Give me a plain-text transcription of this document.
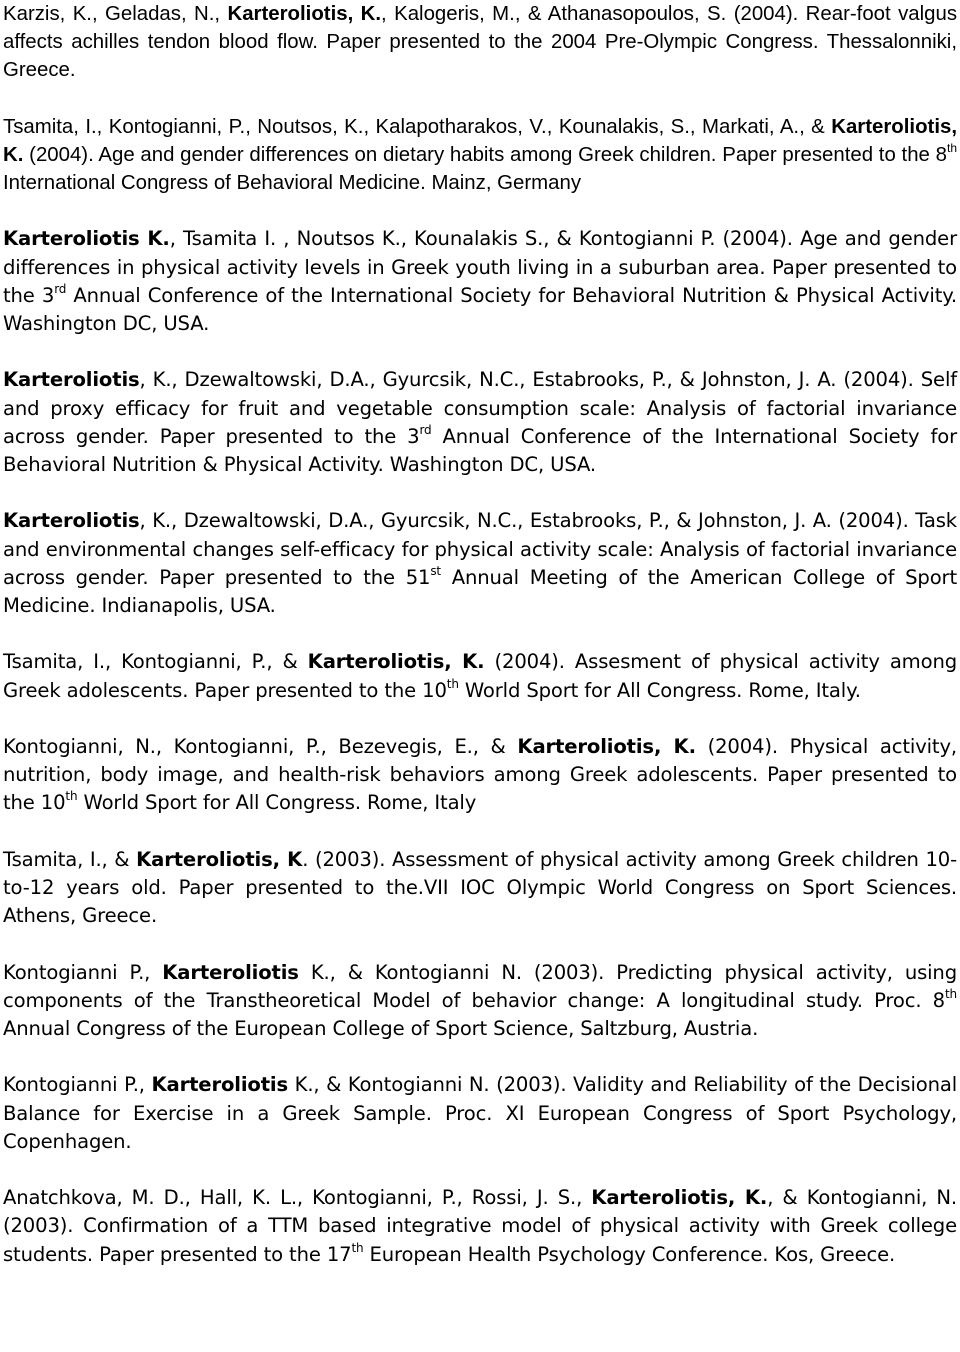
Karzis, K., Geladas, N., Karteroliotis, K., Kalogeris, M., & Athanasopoulos, S. (2004). Rear-foot valgus affects achilles tendon blood flow. Paper presented to the 2004 Pre-Olympic Congress. Thessalonniki, Greece.

Tsamita, I., Kontogianni, P., Noutsos, K., Kalapotharakos, V., Kounalakis, S., Markati, A., & Karteroliotis, K. (2004). Age and gender differences on dietary habits among Greek children. Paper presented to the 8th International Congress of Behavioral Medicine. Mainz, Germany

Karteroliotis K., Tsamita I. , Noutsos K., Kounalakis S., & Kontogianni P. (2004). Age and gender differences in physical activity levels in Greek youth living in a suburban area. Paper presented to the 3rd Annual Conference of the International Society for Behavioral Nutrition & Physical Activity. Washington DC, USA.

Karteroliotis, K., Dzewaltowski, D.A., Gyurcsik, N.C., Estabrooks, P., & Johnston, J. A. (2004). Self and proxy efficacy for fruit and vegetable consumption scale: Analysis of factorial invariance across gender. Paper presented to the 3rd Annual Conference of the International Society for Behavioral Nutrition & Physical Activity. Washington DC, USA.

Karteroliotis, K., Dzewaltowski, D.A., Gyurcsik, N.C., Estabrooks, P., & Johnston, J. A. (2004). Task and environmental changes self-efficacy for physical activity scale: Analysis of factorial invariance across gender. Paper presented to the 51st Annual Meeting of the American College of Sport Medicine. Indianapolis, USA.

Tsamita, I., Kontogianni, P., & Karteroliotis, K. (2004). Assesment of physical activity among Greek adolescents. Paper presented to the 10th World Sport for All Congress. Rome, Italy.

Kontogianni, N., Kontogianni, P., Bezevegis, E., & Karteroliotis, K. (2004). Physical activity, nutrition, body image, and health-risk behaviors among Greek adolescents. Paper presented to the 10th World Sport for All Congress. Rome, Italy

Tsamita, I., & Karteroliotis, K. (2003). Assessment of physical activity among Greek children 10-to-12 years old. Paper presented to the.VII IOC Olympic World Congress on Sport Sciences. Athens, Greece.

Kontogianni P., Karteroliotis K., & Kontogianni N. (2003). Predicting physical activity, using components of the Transtheoretical Model of behavior change: A longitudinal study. Proc. 8th Annual Congress of the European College of Sport Science, Saltzburg, Austria.

Kontogianni P., Karteroliotis K., & Kontogianni N. (2003). Validity and Reliability of the Decisional Balance for Exercise in a Greek Sample. Proc. XI European Congress of Sport Psychology, Copenhagen.

Anatchkova, M. D., Hall, K. L., Kontogianni, P., Rossi, J. S., Karteroliotis, K., & Kontogianni, N. (2003). Confirmation of a TTM based integrative model of physical activity with Greek college students. Paper presented to the 17th European Health Psychology Conference. Kos, Greece.
